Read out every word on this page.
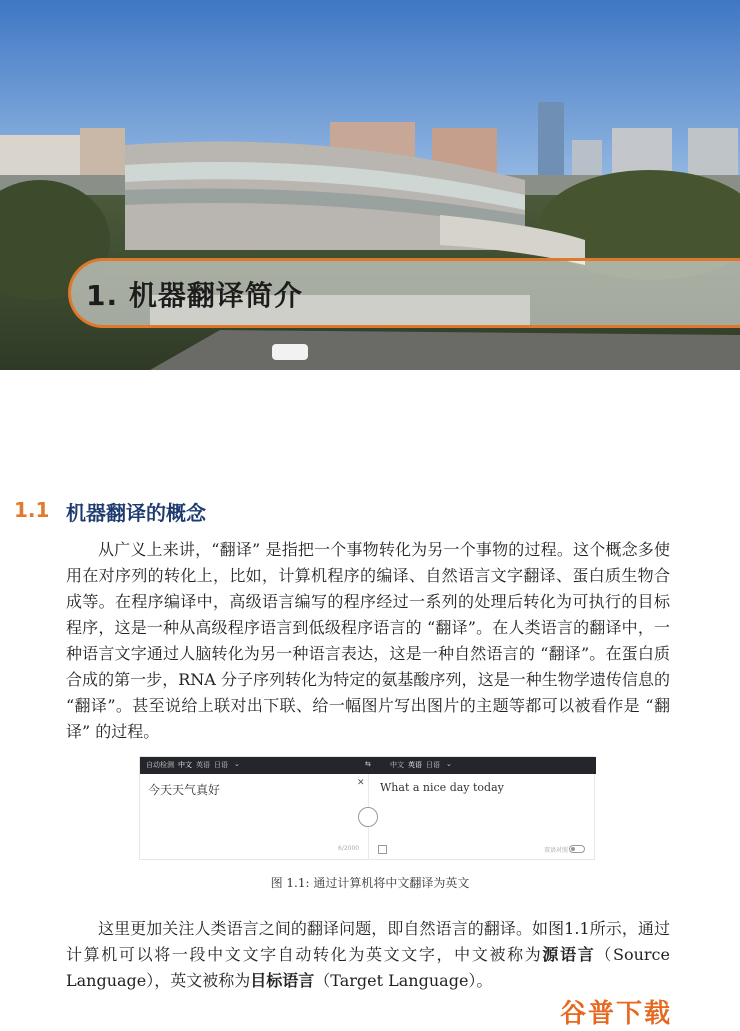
1. 机器翻译简介
1.1 机器翻译的概念

从广义上来讲，“翻译” 是指把一个事物转化为另一个事物的过程。这个概念多使用在对序列的转化上，比如，计算机程序的编译、自然语言文字翻译、蛋白质生物合成等。在程序编译中，高级语言编写的程序经过一系列的处理后转化为可执行的目标程序，这是一种从高级程序语言到低级程序语言的 “翻译”。在人类语言的翻译中，一种语言文字通过人脑转化为另一种语言表达，这是一种自然语言的 “翻译”。在蛋白质合成的第一步，RNA 分子序列转化为特定的氨基酸序列，这是一种生物学遗传信息的 “翻译”。甚至说给上联对出下联、给一幅图片写出图片的主题等都可以被看作是 “翻译” 的过程。

自动检测 中文 英语 日语 ⌄	⇆	中文 英语 日语 ⌄
今天天气真好	✕
6/2000
What a nice day today
双语对照
图 1.1: 通过计算机将中文翻译为英文

这里更加关注人类语言之间的翻译问题，即自然语言的翻译。如图1.1所示，通过计算机可以将一段中文文字自动转化为英文文字，中文被称为源语言（Source Language），英文被称为目标语言（Target Language）。

谷普下载
